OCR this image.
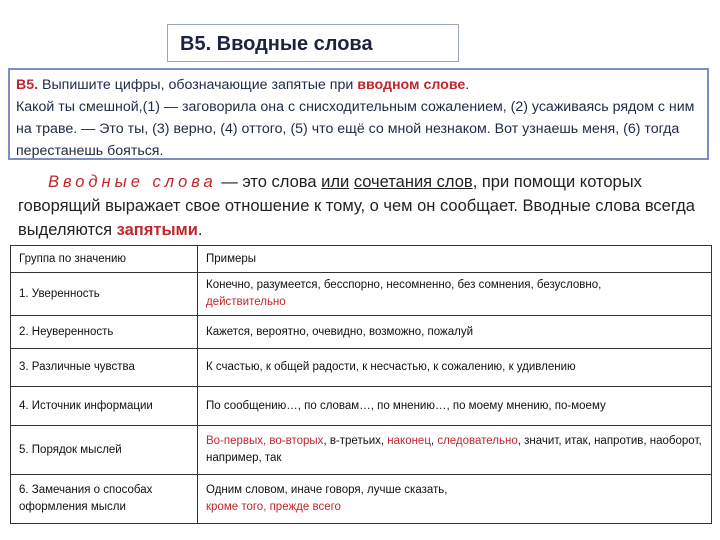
В5. Вводные слова
В5. Выпишите цифры, обозначающие запятые при вводном слове.
Какой ты смешной,(1) — заговорила она с снисходительным сожалением, (2) усаживаясь рядом с ним на траве. — Это ты, (3) верно, (4) оттого, (5) что ещё со мной незнаком. Вот узнаешь меня, (6) тогда перестанешь бояться.
Вводные слова — это слова или сочетания слов, при помощи которых говорящий выражает свое отношение к тому, о чем он сообщает. Вводные слова всегда выделяются запятыми.
Группа по значению	Примеры
1. Уверенность	Конечно, разумеется, бесспорно, несомненно, без сомнения, безусловно,
действительно
2. Неуверенность	Кажется, вероятно, очевидно, возможно, пожалуй
3. Различные чувства	К счастью, к общей радости, к несчастью, к сожалению, к удивлению
4. Источник информации	По сообщению…, по словам…, по мнению…, по моему мнению, по-моему
5. Порядок мыслей	Во-первых, во-вторых, в-третьих, наконец, следовательно, значит, итак, напротив, наоборот, например, так
6. Замечания о способах оформления мысли	Одним словом, иначе говоря, лучше сказать,
кроме того, прежде всего
